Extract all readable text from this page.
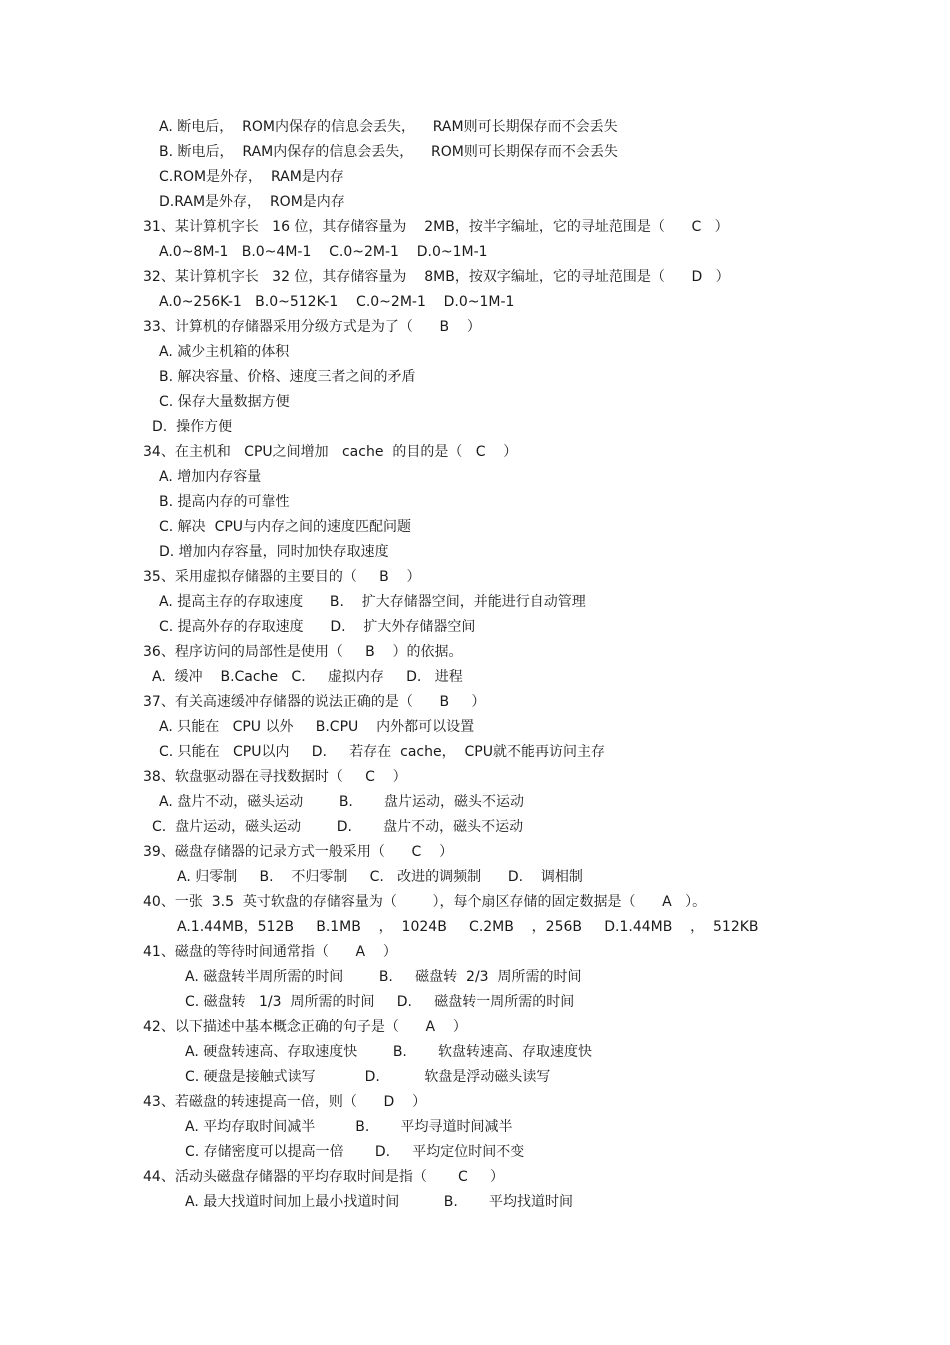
A. 断电后，  ROM内保存的信息会丢失，    RAM则可长期保存而不会丢失
B. 断电后，  RAM内保存的信息会丢失，    ROM则可长期保存而不会丢失
C.ROM是外存，  RAM是内存
D.RAM是外存，  ROM是内存
31、某计算机字长   16 位，其存储容量为    2MB，按半字编址，它的寻址范围是（      C   ）
A.0~8M-1   B.0~4M-1    C.0~2M-1    D.0~1M-1
32、某计算机字长   32 位，其存储容量为    8MB，按双字编址，它的寻址范围是（      D   ）
A.0~256K-1   B.0~512K-1    C.0~2M-1    D.0~1M-1
33、计算机的存储器采用分级方式是为了（      B    ）
A. 减少主机箱的体积
B. 解决容量、价格、速度三者之间的矛盾
C. 保存大量数据方便
D.  操作方便
34、在主机和   CPU之间增加   cache  的目的是（   C    ）
A. 增加内存容量
B. 提高内存的可靠性
C. 解决  CPU与内存之间的速度匹配问题
D. 增加内存容量，同时加快存取速度
35、采用虚拟存储器的主要目的（     B    ）
A. 提高主存的存取速度      B.    扩大存储器空间，并能进行自动管理
C. 提高外存的存取速度      D.    扩大外存储器空间
36、程序访问的局部性是使用（     B    ）的依据。
A.  缓冲    B.Cache   C.     虚拟内存     D.   进程
37、有关高速缓冲存储器的说法正确的是（      B     ）
A. 只能在   CPU 以外     B.CPU    内外都可以设置
C. 只能在   CPU以内     D.     若存在  cache，  CPU就不能再访问主存
38、软盘驱动器在寻找数据时（     C    ）
A. 盘片不动，磁头运动        B.       盘片运动，磁头不运动
C.  盘片运动，磁头运动        D.       盘片不动，磁头不运动
39、磁盘存储器的记录方式一般采用（      C    ）
A. 归零制     B.    不归零制     C.   改进的调频制      D.    调相制
40、一张  3.5  英寸软盘的存储容量为（        ），每个扇区存储的固定数据是（      A   ）。
A.1.44MB，512B     B.1MB    ，  1024B     C.2MB    ，256B     D.1.44MB    ，  512KB
41、磁盘的等待时间通常指（      A    ）
A. 磁盘转半周所需的时间        B.     磁盘转  2/3  周所需的时间
C. 磁盘转   1/3  周所需的时间     D.     磁盘转一周所需的时间
42、以下描述中基本概念正确的句子是（      A    ）
A. 硬盘转速高、存取速度快        B.       软盘转速高、存取速度快
C. 硬盘是接触式读写           D.          软盘是浮动磁头读写
43、若磁盘的转速提高一倍，则（      D    ）
A. 平均存取时间减半         B.       平均寻道时间减半
C. 存储密度可以提高一倍       D.     平均定位时间不变
44、活动头磁盘存储器的平均存取时间是指（       C     ）
A. 最大找道时间加上最小找道时间          B.       平均找道时间
